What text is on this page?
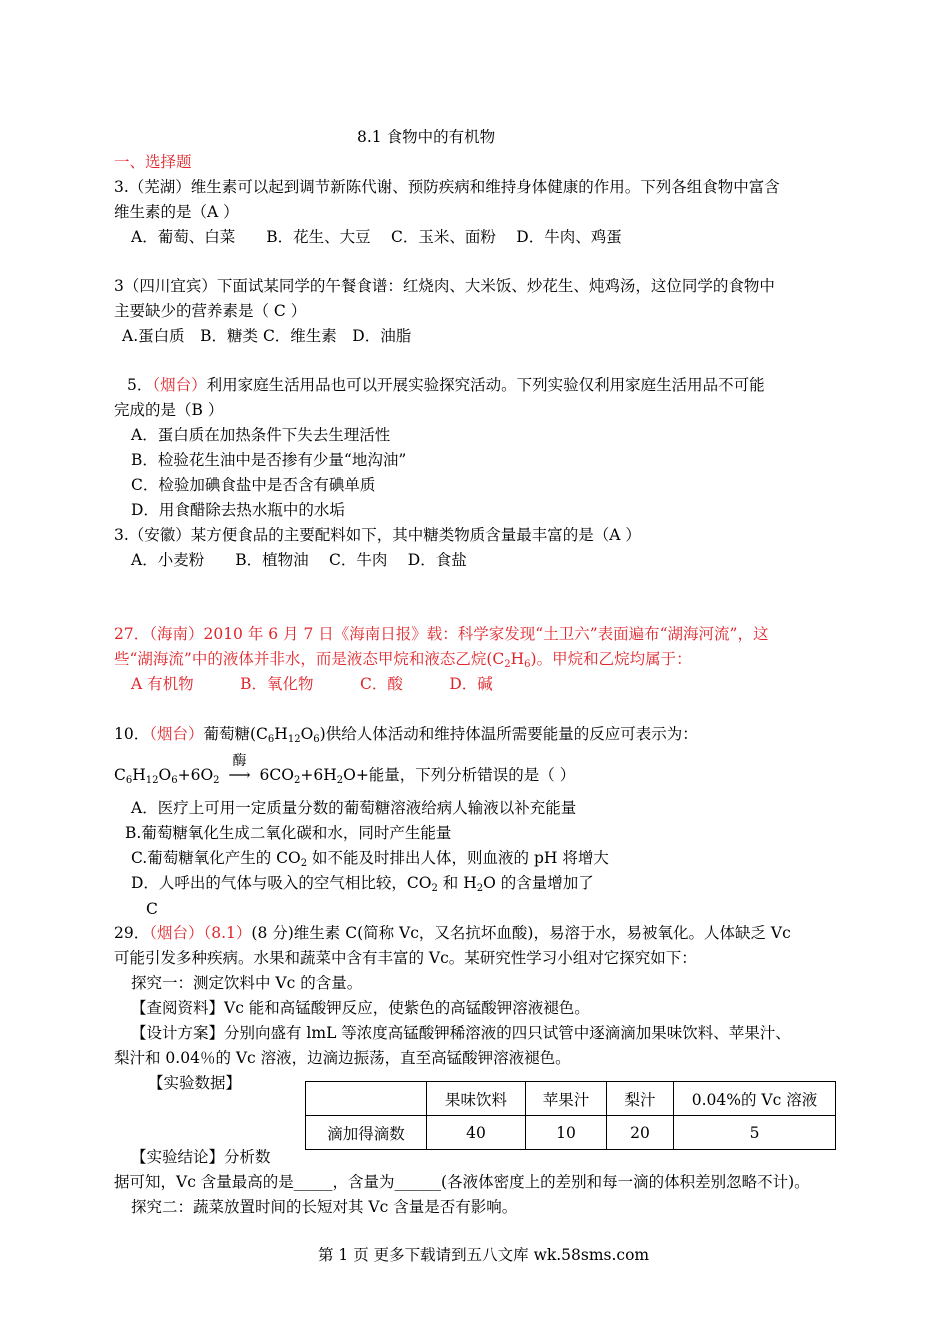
8.1 食物中的有机物
一、选择题
3.（芜湖）维生素可以起到调节新陈代谢、预防疾病和维持身体健康的作用。下列各组食物中富含
维生素的是（A ）
A．葡萄、白菜　　B．花生、大豆　 C．玉米、面粉　 D．牛肉、鸡蛋
3（四川宜宾）下面试某同学的午餐食谱：红烧肉、大米饭、炒花生、炖鸡汤，这位同学的食物中
主要缺少的营养素是（ C ）
A.蛋白质　B．糖类 C．维生素　D．油脂
5．（烟台）利用家庭生活用品也可以开展实验探究活动。下列实验仅利用家庭生活用品不可能
完成的是（B ）
A．蛋白质在加热条件下失去生理活性
B．检验花生油中是否掺有少量“地沟油”
C．检验加碘食盐中是否含有碘单质
D．用食醋除去热水瓶中的水垢
3.（安徽）某方便食品的主要配料如下，其中糖类物质含量最丰富的是（A ）
A．小麦粉　　B．植物油　 C．牛肉　 D．食盐
27．（海南）2010 年 6 月 7 日《海南日报》载：科学家发现“土卫六”表面遍布“湖海河流”，这
些“湖海流”中的液体并非水，而是液态甲烷和液态乙烷$(C_2H_6)$。甲烷和乙烷均属于：
A 有机物　　　B．氧化物　　　C．酸　　　D．碱
10．（烟台）葡萄糖$(C_6H_{12}O_6)$供给人体活动和维持体温所需要能量的反应可表示为：
$C_6H_{12}O_6+6O_2$
酶
⟶ $6CO_2+6H_2O+$能量，下列分析错误的是（ ）
A．医疗上可用一定质量分数的葡萄糖溶液给病人输液以补充能量
B.葡萄糖氧化生成二氧化碳和水，同时产生能量
C.葡萄糖氧化产生的 $CO_2$ 如不能及时排出人体，则血液的 pH 将增大
D．人呼出的气体与吸入的空气相比较，$CO_2$ 和 $H_2O$ 的含量增加了
C
29．（烟台）（8.1）(8 分)维生素 C(简称 Vc，又名抗坏血酸)，易溶于水，易被氧化。人体缺乏 Vc
可能引发多种疾病。水果和蔬菜中含有丰富的 Vc。某研究性学习小组对它探究如下：
探究一：测定饮料中 Vc 的含量。
【查阅资料】Vc 能和高锰酸钾反应，使紫色的高锰酸钾溶液褪色。
【设计方案】分别向盛有 lmL 等浓度高锰酸钾稀溶液的四只试管中逐滴滴加果味饮料、苹果汁、
梨汁和 0.04％的 Vc 溶液，边滴边振荡，直至高锰酸钾溶液褪色。
【实验数据】
	果味饮料	苹果汁	梨汁	0.04%的 Vc 溶液
滴加得滴数	40	10	20	5
【实验结论】分析数
据可知，Vc 含量最高的是_____，含量为______(各液体密度上的差别和每一滴的体积差别忽略不计)。
探究二：蔬菜放置时间的长短对其 Vc 含量是否有影响。
第 1 页 更多下载请到五八文库 wk.58sms.com
